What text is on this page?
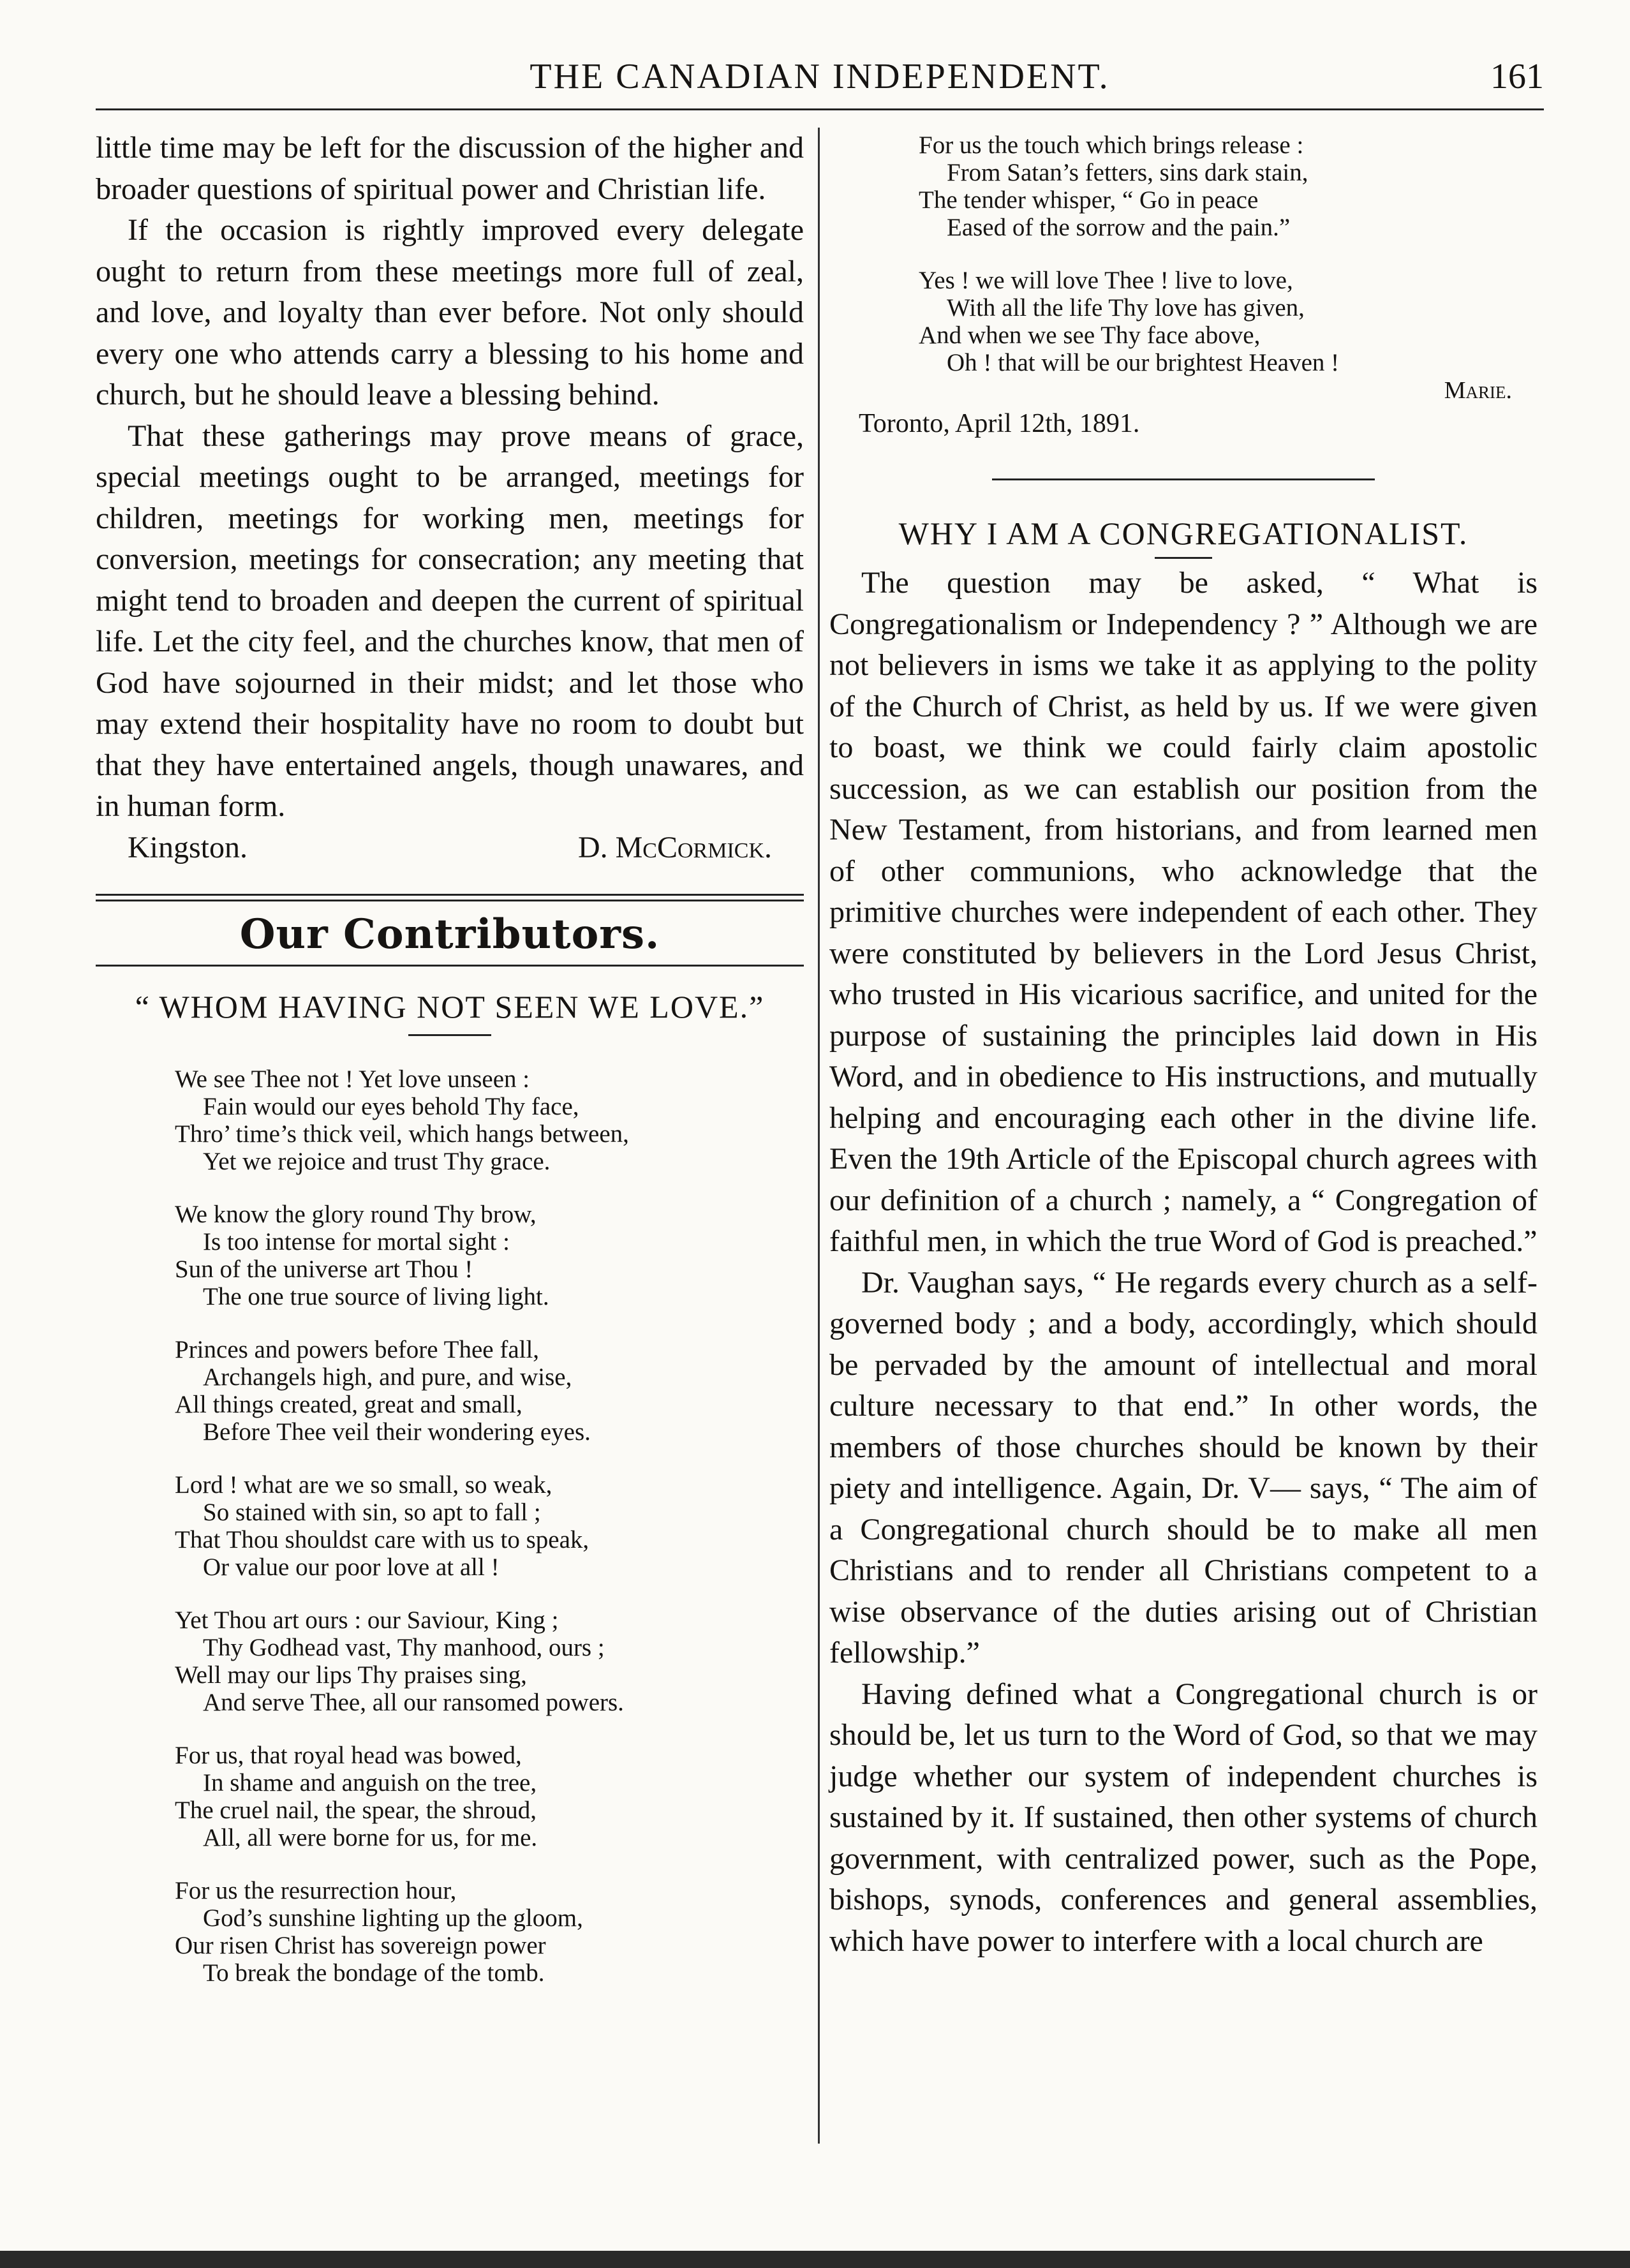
THE CANADIAN INDEPENDENT.	161

little time may be left for the discussion of the higher and broader questions of spiritual power and Christian life.

If the occasion is rightly improved every delegate ought to return from these meetings more full of zeal, and love, and loyalty than ever before. Not only should every one who attends carry a blessing to his home and church, but he should leave a blessing behind.

That these gatherings may prove means of grace, special meetings ought to be arranged, meetings for children, meetings for working men, meetings for conversion, meetings for consecration; any meeting that might tend to broaden and deepen the current of spiritual life. Let the city feel, and the churches know, that men of God have sojourned in their midst; and let those who may extend their hospitality have no room to doubt but that they have entertained angels, though unawares, and in human form.

Kingston.	D. McCormick.
Our Contributors.
“ WHOM HAVING NOT SEEN WE LOVE.”
We see Thee not ! Yet love unseen :
Fain would our eyes behold Thy face,
Thro’ time’s thick veil, which hangs between,
Yet we rejoice and trust Thy grace.
We know the glory round Thy brow,
Is too intense for mortal sight :
Sun of the universe art Thou !
The one true source of living light.
Princes and powers before Thee fall,
Archangels high, and pure, and wise,
All things created, great and small,
Before Thee veil their wondering eyes.
Lord ! what are we so small, so weak,
So stained with sin, so apt to fall ;
That Thou shouldst care with us to speak,
Or value our poor love at all !
Yet Thou art ours : our Saviour, King ;
Thy Godhead vast, Thy manhood, ours ;
Well may our lips Thy praises sing,
And serve Thee, all our ransomed powers.
For us, that royal head was bowed,
In shame and anguish on the tree,
The cruel nail, the spear, the shroud,
All, all were borne for us, for me.
For us the resurrection hour,
God’s sunshine lighting up the gloom,
Our risen Christ has sovereign power
To break the bondage of the tomb.
For us the touch which brings release :
From Satan’s fetters, sins dark stain,
The tender whisper, “ Go in peace
Eased of the sorrow and the pain.”
Yes ! we will love Thee ! live to love,
With all the life Thy love has given,
And when we see Thy face above,
Oh ! that will be our brightest Heaven !
Marie.
Toronto, April 12th, 1891.
WHY I AM A CONGREGATIONALIST.

The question may be asked, “ What is Congregationalism or Independency ? ” Although we are not believers in isms we take it as applying to the polity of the Church of Christ, as held by us. If we were given to boast, we think we could fairly claim apostolic succession, as we can establish our position from the New Testament, from historians, and from learned men of other communions, who acknowledge that the primitive churches were independent of each other. They were constituted by believers in the Lord Jesus Christ, who trusted in His vicarious sacrifice, and united for the purpose of sustaining the principles laid down in His Word, and in obedience to His instructions, and mutually helping and encouraging each other in the divine life. Even the 19th Article of the Episcopal church agrees with our definition of a church ; namely, a “ Congregation of faithful men, in which the true Word of God is preached.”

Dr. Vaughan says, “ He regards every church as a self-governed body ; and a body, accordingly, which should be pervaded by the amount of intellectual and moral culture necessary to that end.” In other words, the members of those churches should be known by their piety and intelligence. Again, Dr. V— says, “ The aim of a Congregational church should be to make all men Christians and to render all Christians competent to a wise observance of the duties arising out of Christian fellowship.”

Having defined what a Congregational church is or should be, let us turn to the Word of God, so that we may judge whether our system of independent churches is sustained by it. If sustained, then other systems of church government, with centralized power, such as the Pope, bishops, synods, conferences and general assemblies, which have power to interfere with a local church are
